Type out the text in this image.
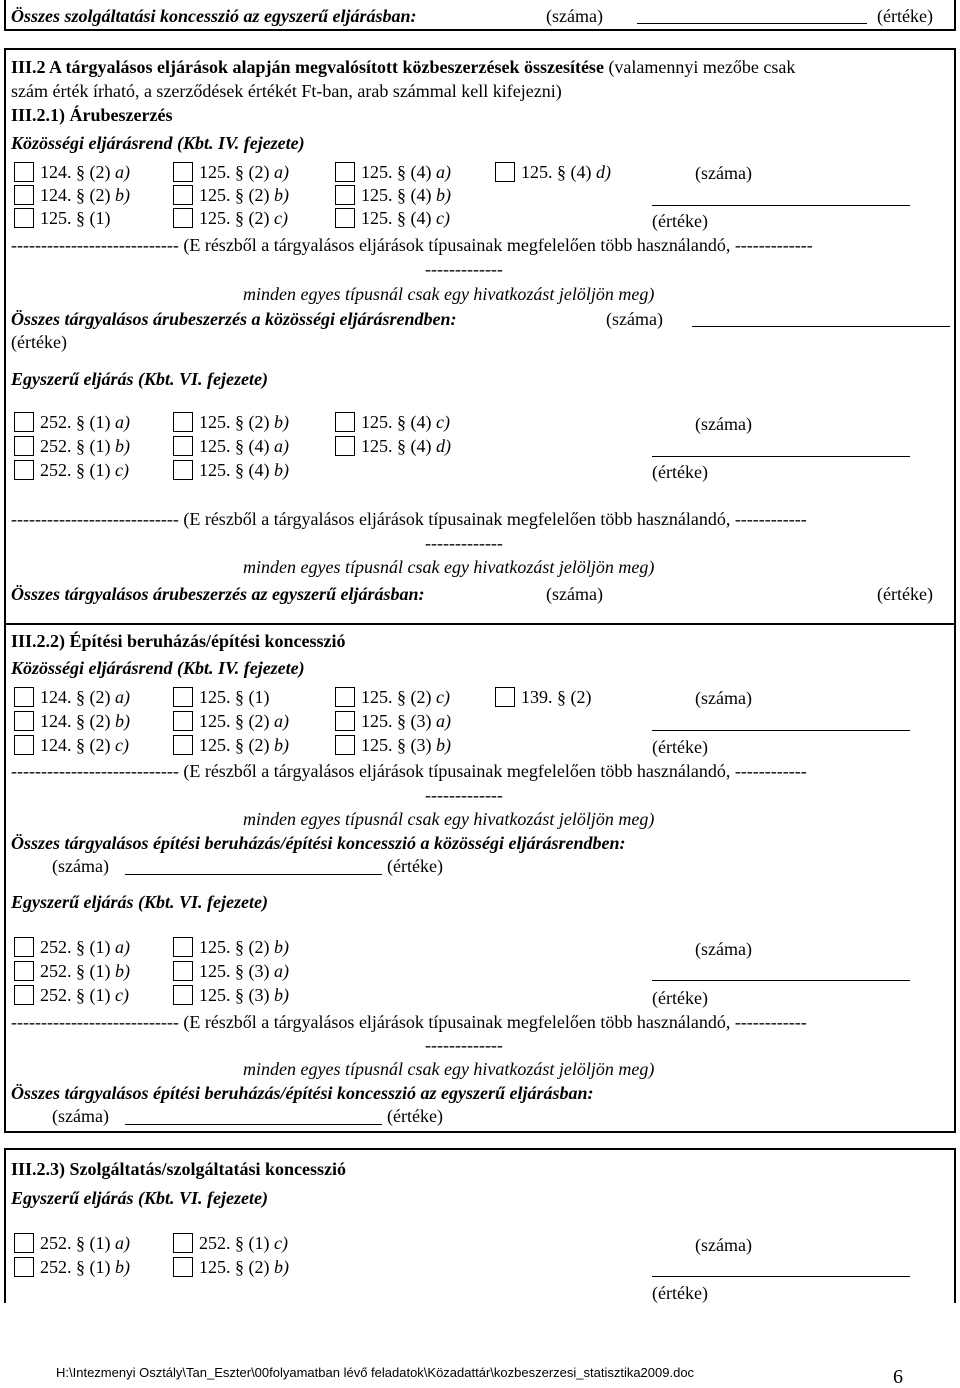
Összes szolgáltatási koncesszió az egyszerű eljárásban:	(száma)	(értéke)
III.2 A tárgyalásos eljárások alapján megvalósított közbeszerzések összesítése (valamennyi mezőbe csak
szám érték írható, a szerződések értékét Ft-ban, arab számmal kell kifejezni)
III.2.1) Árubeszerzés
Közösségi eljárásrend (Kbt. IV. fejezete)
124. § (2) a)	125. § (2) a)	125. § (4) a)	125. § (4) d)
124. § (2) b)	125. § (2) b)	125. § (4) b)
125. § (1)	125. § (2) c)	125. § (4) c)
(száma)
(értéke)
---------------------------- (E részből a tárgyalásos eljárások típusainak megfelelően több használandó, -------------
-------------
minden egyes típusnál csak egy hivatkozást jelöljön meg)
Összes tárgyalásos árubeszerzés a közösségi eljárásrendben:	(száma)
(értéke)
Egyszerű eljárás (Kbt. VI. fejezete)
252. § (1) a)	125. § (2) b)	125. § (4) c)
252. § (1) b)	125. § (4) a)	125. § (4) d)
252. § (1) c)	125. § (4) b)
(száma)
(értéke)
---------------------------- (E részből a tárgyalásos eljárások típusainak megfelelően több használandó, ------------
-------------
minden egyes típusnál csak egy hivatkozást jelöljön meg)
Összes tárgyalásos árubeszerzés az egyszerű eljárásban:	(száma)	(értéke)
III.2.2) Építési beruházás/építési koncesszió
Közösségi eljárásrend (Kbt. IV. fejezete)
124. § (2) a)	125. § (1)	125. § (2) c)	139. § (2)
124. § (2) b)	125. § (2) a)	125. § (3) a)
124. § (2) c)	125. § (2) b)	125. § (3) b)
(száma)
(értéke)
---------------------------- (E részből a tárgyalásos eljárások típusainak megfelelően több használandó, ------------
-------------
minden egyes típusnál csak egy hivatkozást jelöljön meg)
Összes tárgyalásos építési beruházás/építési koncesszió a közösségi eljárásrendben:
(száma)	(értéke)
Egyszerű eljárás (Kbt. VI. fejezete)
252. § (1) a)	125. § (2) b)
252. § (1) b)	125. § (3) a)
252. § (1) c)	125. § (3) b)
(száma)
(értéke)
---------------------------- (E részből a tárgyalásos eljárások típusainak megfelelően több használandó, ------------
-------------
minden egyes típusnál csak egy hivatkozást jelöljön meg)
Összes tárgyalásos építési beruházás/építési koncesszió az egyszerű eljárásban:
(száma)	(értéke)
III.2.3) Szolgáltatás/szolgáltatási koncesszió
Egyszerű eljárás (Kbt. VI. fejezete)
252. § (1) a)	252. § (1) c)
252. § (1) b)	125. § (2) b)
(száma)
(értéke)
H:\Intezmenyi Osztály\Tan_Eszter\00folyamatban lévő feladatok\Közadattár\kozbeszerzesi_statisztika2009.doc	6
